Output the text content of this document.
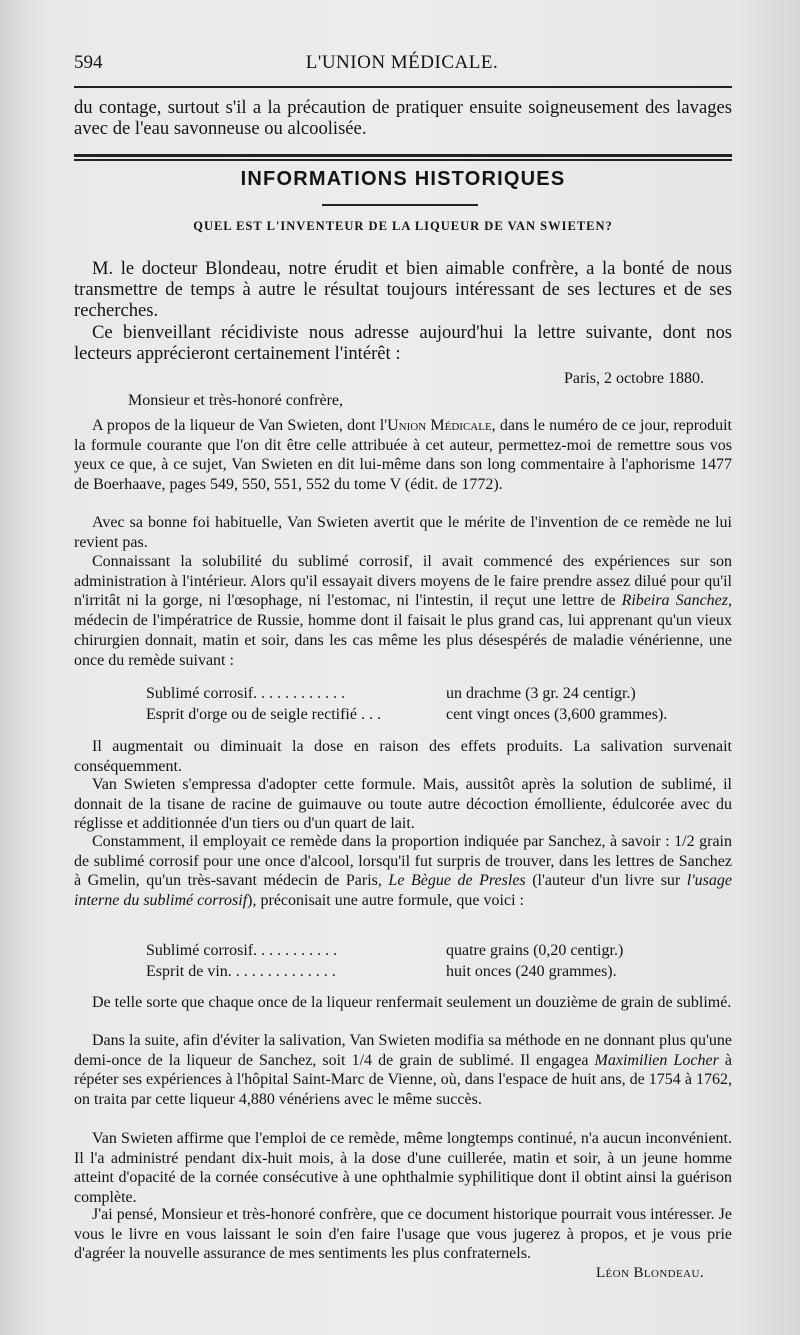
594	L'UNION MÉDICALE.
du contage, surtout s'il a la précaution de pratiquer ensuite soigneusement des lavages avec de l'eau savonneuse ou alcoolisée.
INFORMATIONS HISTORIQUES
QUEL EST L'INVENTEUR DE LA LIQUEUR DE VAN SWIETEN?
M. le docteur Blondeau, notre érudit et bien aimable confrère, a la bonté de nous transmettre de temps à autre le résultat toujours intéressant de ses lectures et de ses recherches.
Ce bienveillant récidiviste nous adresse aujourd'hui la lettre suivante, dont nos lecteurs apprécieront certainement l'intérêt :
Paris, 2 octobre 1880.
Monsieur et très-honoré confrère,
A propos de la liqueur de Van Swieten, dont l'Union Médicale, dans le numéro de ce jour, reproduit la formule courante que l'on dit être celle attribuée à cet auteur, permettez-moi de remettre sous vos yeux ce que, à ce sujet, Van Swieten en dit lui-même dans son long commentaire à l'aphorisme 1477 de Boerhaave, pages 549, 550, 551, 552 du tome V (édit. de 1772).
Avec sa bonne foi habituelle, Van Swieten avertit que le mérite de l'invention de ce remède ne lui revient pas.
Connaissant la solubilité du sublimé corrosif, il avait commencé des expériences sur son administration à l'intérieur. Alors qu'il essayait divers moyens de le faire prendre assez dilué pour qu'il n'irritât ni la gorge, ni l'œsophage, ni l'estomac, ni l'intestin, il reçut une lettre de Ribeira Sanchez, médecin de l'impératrice de Russie, homme dont il faisait le plus grand cas, lui apprenant qu'un vieux chirurgien donnait, matin et soir, dans les cas même les plus désespérés de maladie vénérienne, une once du remède suivant :
Sublimé corrosif. . . . . . . . . . . .	un drachme (3 gr. 24 centigr.)
Esprit d'orge ou de seigle rectifié . . .	cent vingt onces (3,600 grammes).
Il augmentait ou diminuait la dose en raison des effets produits. La salivation survenait conséquemment.
Van Swieten s'empressa d'adopter cette formule. Mais, aussitôt après la solution de sublimé, il donnait de la tisane de racine de guimauve ou toute autre décoction émolliente, édulcorée avec du réglisse et additionnée d'un tiers ou d'un quart de lait.
Constamment, il employait ce remède dans la proportion indiquée par Sanchez, à savoir : 1/2 grain de sublimé corrosif pour une once d'alcool, lorsqu'il fut surpris de trouver, dans les lettres de Sanchez à Gmelin, qu'un très-savant médecin de Paris, Le Bègue de Presles (l'auteur d'un livre sur l'usage interne du sublimé corrosif), préconisait une autre formule, que voici :
Sublimé corrosif. . . . . . . . . . .	quatre grains (0,20 centigr.)
Esprit de vin. . . . . . . . . . . . . .	huit onces (240 grammes).
De telle sorte que chaque once de la liqueur renfermait seulement un douzième de grain de sublimé.
Dans la suite, afin d'éviter la salivation, Van Swieten modifia sa méthode en ne donnant plus qu'une demi-once de la liqueur de Sanchez, soit 1/4 de grain de sublimé. Il engagea Maximilien Locher à répéter ses expériences à l'hôpital Saint-Marc de Vienne, où, dans l'espace de huit ans, de 1754 à 1762, on traita par cette liqueur 4,880 vénériens avec le même succès.
Van Swieten affirme que l'emploi de ce remède, même longtemps continué, n'a aucun inconvénient. Il l'a administré pendant dix-huit mois, à la dose d'une cuillerée, matin et soir, à un jeune homme atteint d'opacité de la cornée consécutive à une ophthalmie syphilitique dont il obtint ainsi la guérison complète.
J'ai pensé, Monsieur et très-honoré confrère, que ce document historique pourrait vous intéresser. Je vous le livre en vous laissant le soin d'en faire l'usage que vous jugerez à propos, et je vous prie d'agréer la nouvelle assurance de mes sentiments les plus confraternels.
Léon Blondeau.
